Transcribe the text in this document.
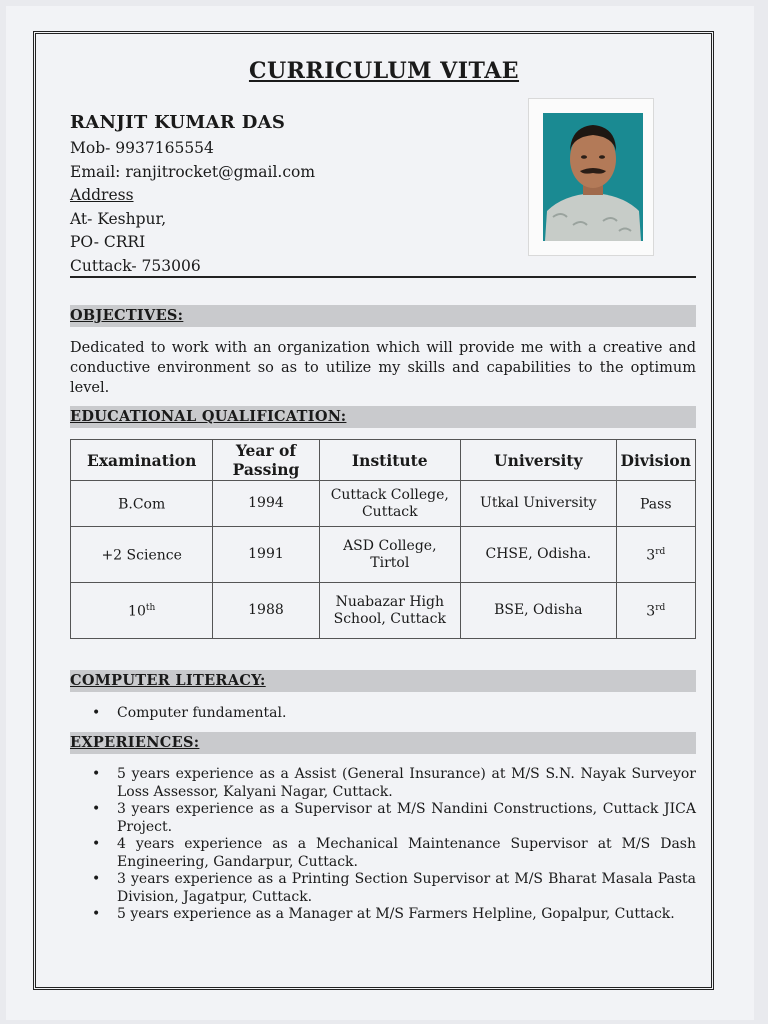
CURRICULUM VITAE
RANJIT KUMAR DAS
Mob- 9937165554
Email: ranjitrocket@gmail.com
Address
At- Keshpur,
PO- CRRI
Cuttack- 753006
OBJECTIVES:
Dedicated to work with an organization which will provide me with a creative and conductive environment so as to utilize my skills and capabilities to the optimum level.
EDUCATIONAL QUALIFICATION:
Examination	Year of Passing	Institute	University	Division
B.Com	1994	Cuttack College, Cuttack	Utkal University	Pass
+2 Science	1991	ASD College, Tirtol	CHSE, Odisha.	3rd
10th	1988	Nuabazar High School, Cuttack	BSE, Odisha	3rd
COMPUTER LITERACY:
• Computer fundamental.
EXPERIENCES:
• 5 years experience as a Assist (General Insurance) at M/S S.N. Nayak Surveyor Loss Assessor, Kalyani Nagar, Cuttack.
• 3 years experience as a Supervisor at M/S Nandini Constructions, Cuttack JICA Project.
• 4 years experience as a Mechanical Maintenance Supervisor at M/S Dash Engineering, Gandarpur, Cuttack.
• 3 years experience as a Printing Section Supervisor at M/S Bharat Masala Pasta Division, Jagatpur, Cuttack.
• 5 years experience as a Manager at M/S Farmers Helpline, Gopalpur, Cuttack.
